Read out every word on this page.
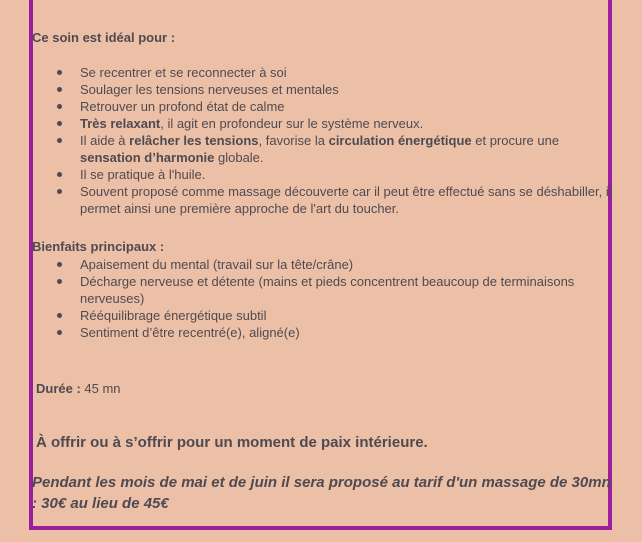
Ce soin est idéal pour :
Se recentrer et se reconnecter à soi
Soulager les tensions nerveuses et mentales
Retrouver un profond état de calme
Très relaxant, il agit en profondeur sur le système nerveux.
Il aide à relâcher les tensions, favorise la circulation énergétique et procure une sensation d’harmonie globale.
Il se pratique à l'huile.
Souvent proposé comme massage découverte car il peut être effectué sans se déshabiller, il permet ainsi une première approche de l'art du toucher.
Bienfaits principaux :
Apaisement du mental (travail sur la tête/crâne)
Décharge nerveuse et détente (mains et pieds concentrent beaucoup de terminaisons nerveuses)
Rééquilibrage énergétique subtil
Sentiment d’être recentré(e), aligné(e)
Durée : 45 mn
À offrir ou à s’offrir pour un moment de paix intérieure.
Pendant les mois de mai et de juin il sera proposé au tarif d'un massage de 30mn : 30€ au lieu de 45€
